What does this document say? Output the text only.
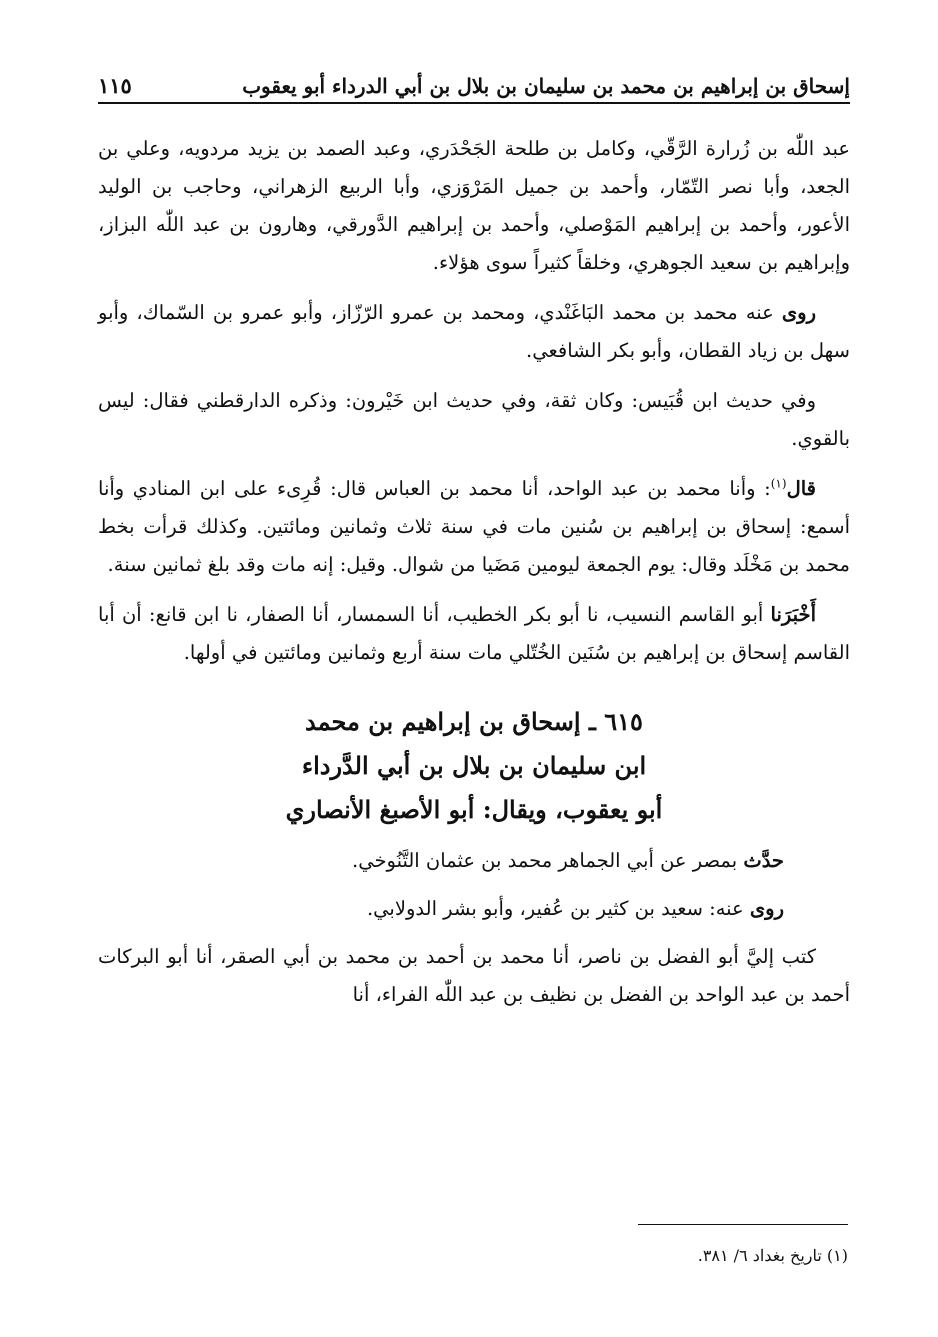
إسحاق بن إبراهيم بن محمد بن سليمان بن بلال بن أبي الدرداء أبو يعقوب
١١٥

عبد اللّٰه بن زُرارة الرَّقّي، وكامل بن طلحة الجَحْدَري، وعبد الصمد بن يزيد مردويه، وعلي بن الجعد، وأبا نصر التّمّار، وأحمد بن جميل المَرْوَزي، وأبا الربيع الزهراني، وحاجب بن الوليد الأعور، وأحمد بن إبراهيم المَوْصلي، وأحمد بن إبراهيم الدَّورقي، وهارون بن عبد اللّٰه البزاز، وإبراهيم بن سعيد الجوهري، وخلقاً كثيراً سوى هؤلاء.

روى عنه محمد بن محمد البَاغَنْدي، ومحمد بن عمرو الرّزّاز، وأبو عمرو بن السّماك، وأبو سهل بن زياد القطان، وأبو بكر الشافعي.

وفي حديث ابن قُبَيس: وكان ثقة، وفي حديث ابن خَيْرون: وذكره الدارقطني فقال: ليس بالقوي.

قال$^{(١)}$: وأنا محمد بن عبد الواحد، أنا محمد بن العباس قال: قُرِىء على ابن المنادي وأنا أسمع: إسحاق بن إبراهيم بن سُنين مات في سنة ثلاث وثمانين ومائتين. وكذلك قرأت بخط محمد بن مَخْلَد وقال: يوم الجمعة ليومين مَضَيا من شوال. وقيل: إنه مات وقد بلغ ثمانين سنة.

أَخْبَرَنا أبو القاسم النسيب، نا أبو بكر الخطيب، أنا السمسار، أنا الصفار، نا ابن قانع: أن أبا القاسم إسحاق بن إبراهيم بن سُنَين الخُتّلي مات سنة أربع وثمانين ومائتين في أولها.

٦١٥ ـ إسحاق بن إبراهيم بن محمد
ابن سليمان بن بلال بن أبي الدَّرداء
أبو يعقوب، ويقال: أبو الأصبغ الأنصاري

حدَّث بمصر عن أبي الجماهر محمد بن عثمان التَّنُوخي.

روى عنه: سعيد بن كثير بن عُفير، وأبو بشر الدولابي.

كتب إليَّ أبو الفضل بن ناصر، أنا محمد بن أحمد بن محمد بن أبي الصقر، أنا أبو البركات أحمد بن عبد الواحد بن الفضل بن نظيف بن عبد اللّٰه الفراء، أنا

(١) تاريخ بغداد ٦/ ٣٨١.
